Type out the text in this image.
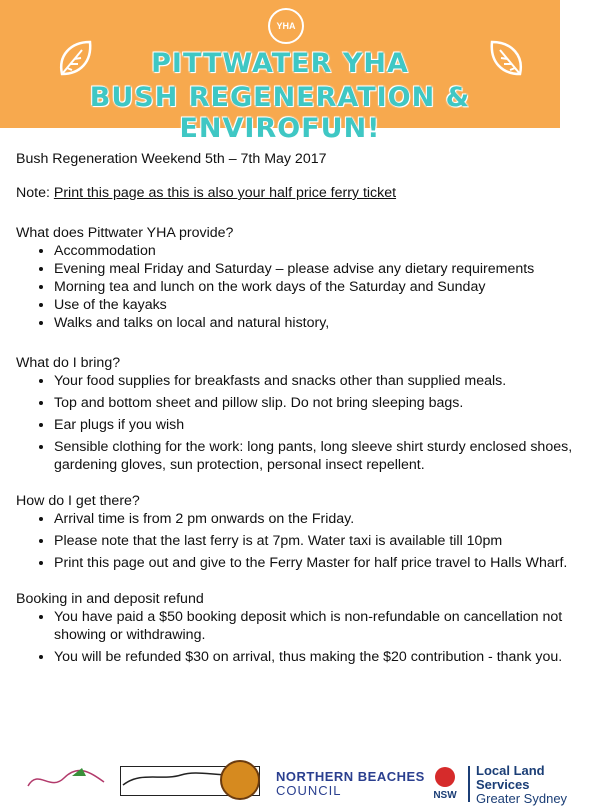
YHA
PITTWATER YHA
BUSH REGENERATION & ENVIROFUN!

Bush Regeneration Weekend 5th – 7th May 2017

Note: Print this page as this is also your half price ferry ticket

What does Pittwater YHA provide?

• Accommodation
• Evening meal Friday and Saturday – please advise any dietary requirements
• Morning tea and lunch on the work days of the Saturday and Sunday
• Use of the kayaks
• Walks and talks on local and natural history,

What do I bring?

• Your food supplies for breakfasts and snacks other than supplied meals.
• Top and bottom sheet and pillow slip. Do not bring sleeping bags.
• Ear plugs if you wish
• Sensible clothing for the work: long pants, long sleeve shirt sturdy enclosed shoes, gardening gloves, sun protection, personal insect repellent.

How do I get there?

• Arrival time is from 2 pm onwards on the Friday.
• Please note that the last ferry is at 7pm. Water taxi is available till 10pm
• Print this page out and give to the Ferry Master for half price travel to Halls Wharf.

Booking in and deposit refund

• You have paid a $50 booking deposit which is non-refundable on cancellation not showing or withdrawing.
• You will be refunded $30 on arrival, thus making the $20 contribution - thank you.
NORTHERN BEACHES
COUNCIL	NSW
Local Land
Services
Greater Sydney
